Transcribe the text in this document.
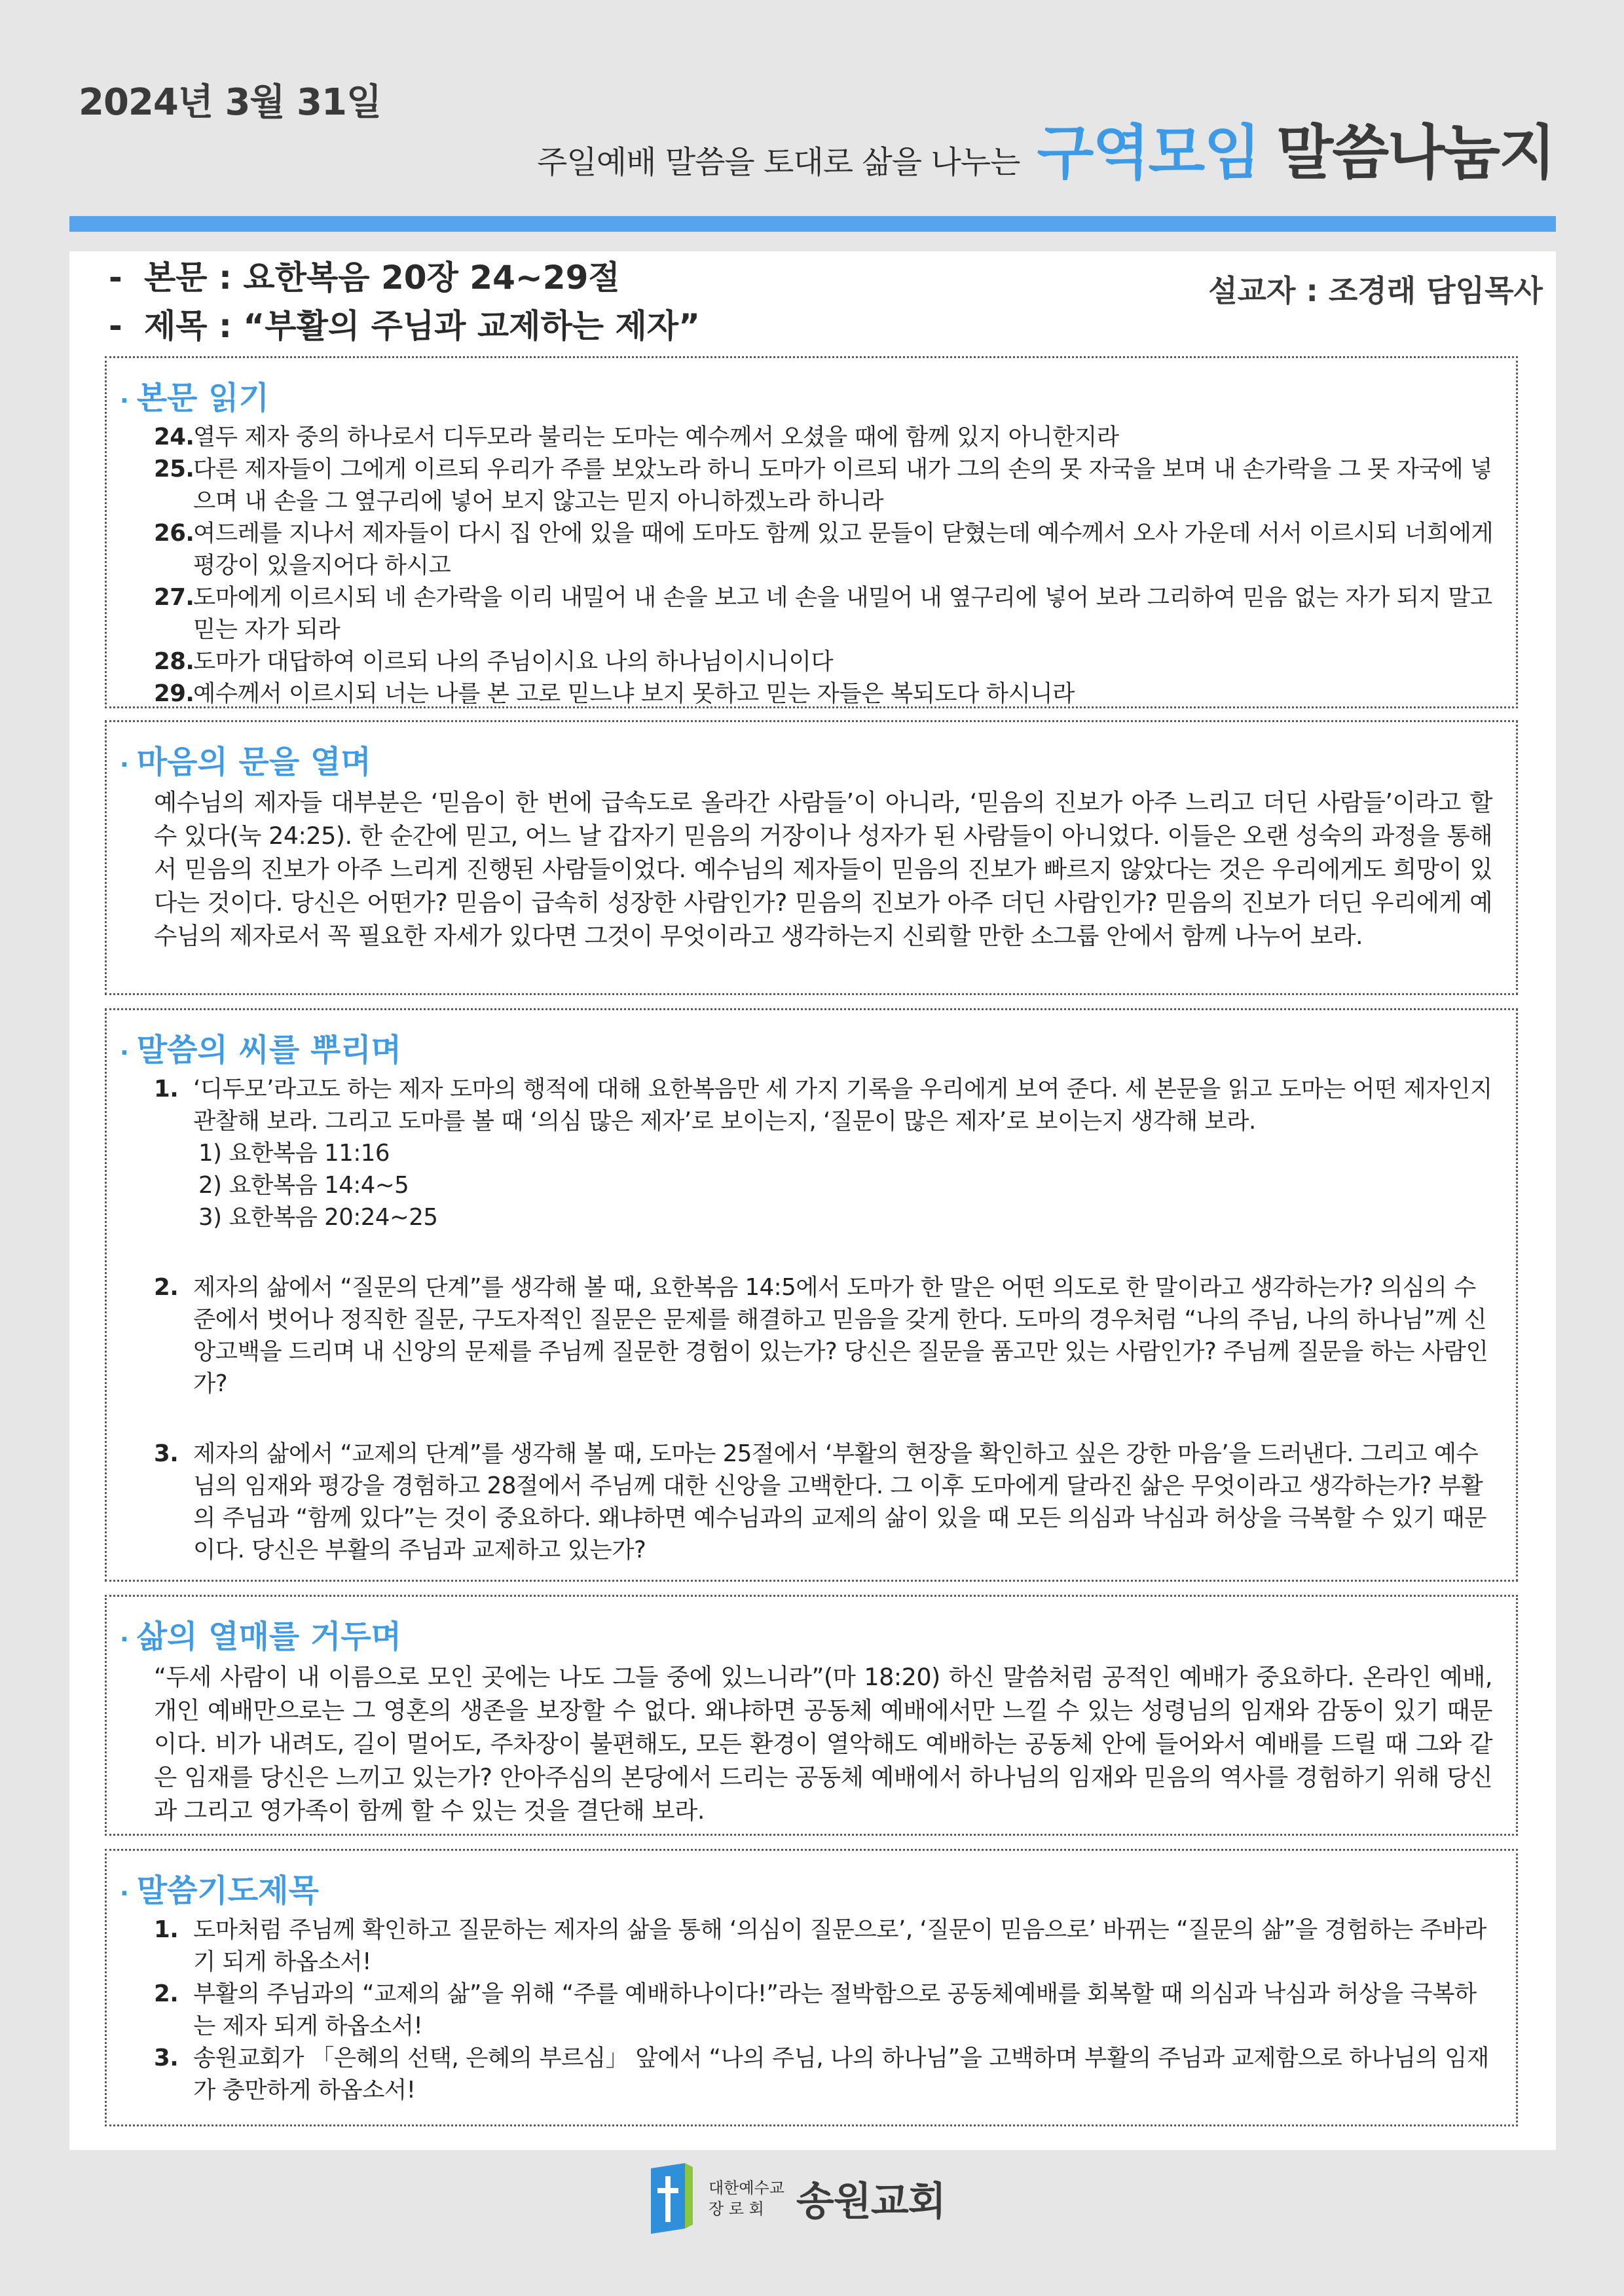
2024년 3월 31일
주일예배 말씀을 토대로 삶을 나누는 구역모임 말씀나눔지
- 본문 : 요한복음 20장 24~29절
- 제목 : “부활의 주님과 교제하는 제자”
설교자 : 조경래 담임목사
· 본문 읽기
24.열두 제자 중의 하나로서 디두모라 불리는 도마는 예수께서 오셨을 때에 함께 있지 아니한지라
25.다른 제자들이 그에게 이르되 우리가 주를 보았노라 하니 도마가 이르되 내가 그의 손의 못 자국을 보며 내 손가락을 그 못 자국에 넣으며 내 손을 그 옆구리에 넣어 보지 않고는 믿지 아니하겠노라 하니라
26.여드레를 지나서 제자들이 다시 집 안에 있을 때에 도마도 함께 있고 문들이 닫혔는데 예수께서 오사 가운데 서서 이르시되 너희에게 평강이 있을지어다 하시고
27.도마에게 이르시되 네 손가락을 이리 내밀어 내 손을 보고 네 손을 내밀어 내 옆구리에 넣어 보라 그리하여 믿음 없는 자가 되지 말고 믿는 자가 되라
28.도마가 대답하여 이르되 나의 주님이시요 나의 하나님이시니이다
29.예수께서 이르시되 너는 나를 본 고로 믿느냐 보지 못하고 믿는 자들은 복되도다 하시니라
· 마음의 문을 열며
예수님의 제자들 대부분은 ‘믿음이 한 번에 급속도로 올라간 사람들’이 아니라, ‘믿음의 진보가 아주 느리고 더딘 사람들’이라고 할 수 있다(눅 24:25). 한 순간에 믿고, 어느 날 갑자기 믿음의 거장이나 성자가 된 사람들이 아니었다. 이들은 오랜 성숙의 과정을 통해서 믿음의 진보가 아주 느리게 진행된 사람들이었다. 예수님의 제자들이 믿음의 진보가 빠르지 않았다는 것은 우리에게도 희망이 있다는 것이다. 당신은 어떤가? 믿음이 급속히 성장한 사람인가? 믿음의 진보가 아주 더딘 사람인가? 믿음의 진보가 더딘 우리에게 예수님의 제자로서 꼭 필요한 자세가 있다면 그것이 무엇이라고 생각하는지 신뢰할 만한 소그룹 안에서 함께 나누어 보라.
· 말씀의 씨를 뿌리며
1. ‘디두모’라고도 하는 제자 도마의 행적에 대해 요한복음만 세 가지 기록을 우리에게 보여 준다. 세 본문을 읽고 도마는 어떤 제자인지 관찰해 보라. 그리고 도마를 볼 때 ‘의심 많은 제자’로 보이는지, ‘질문이 많은 제자’로 보이는지 생각해 보라.
1) 요한복음 11:16
2) 요한복음 14:4~5
3) 요한복음 20:24~25
2. 제자의 삶에서 “질문의 단계”를 생각해 볼 때, 요한복음 14:5에서 도마가 한 말은 어떤 의도로 한 말이라고 생각하는가? 의심의 수준에서 벗어나 정직한 질문, 구도자적인 질문은 문제를 해결하고 믿음을 갖게 한다. 도마의 경우처럼 “나의 주님, 나의 하나님”께 신앙고백을 드리며 내 신앙의 문제를 주님께 질문한 경험이 있는가? 당신은 질문을 품고만 있는 사람인가? 주님께 질문을 하는 사람인가?
3. 제자의 삶에서 “교제의 단계”를 생각해 볼 때, 도마는 25절에서 ‘부활의 현장을 확인하고 싶은 강한 마음’을 드러낸다. 그리고 예수님의 임재와 평강을 경험하고 28절에서 주님께 대한 신앙을 고백한다. 그 이후 도마에게 달라진 삶은 무엇이라고 생각하는가? 부활의 주님과 “함께 있다”는 것이 중요하다. 왜냐하면 예수님과의 교제의 삶이 있을 때 모든 의심과 낙심과 허상을 극복할 수 있기 때문이다. 당신은 부활의 주님과 교제하고 있는가?
· 삶의 열매를 거두며
“두세 사람이 내 이름으로 모인 곳에는 나도 그들 중에 있느니라”(마 18:20) 하신 말씀처럼 공적인 예배가 중요하다. 온라인 예배, 개인 예배만으로는 그 영혼의 생존을 보장할 수 없다. 왜냐하면 공동체 예배에서만 느낄 수 있는 성령님의 임재와 감동이 있기 때문이다. 비가 내려도, 길이 멀어도, 주차장이 불편해도, 모든 환경이 열악해도 예배하는 공동체 안에 들어와서 예배를 드릴 때 그와 같은 임재를 당신은 느끼고 있는가? 안아주심의 본당에서 드리는 공동체 예배에서 하나님의 임재와 믿음의 역사를 경험하기 위해 당신과 그리고 영가족이 함께 할 수 있는 것을 결단해 보라.
· 말씀기도제목
1. 도마처럼 주님께 확인하고 질문하는 제자의 삶을 통해 ‘의심이 질문으로’, ‘질문이 믿음으로’ 바뀌는 “질문의 삶”을 경험하는 주바라기 되게 하옵소서!
2. 부활의 주님과의 “교제의 삶”을 위해 “주를 예배하나이다!”라는 절박함으로 공동체예배를 회복할 때 의심과 낙심과 허상을 극복하는 제자 되게 하옵소서!
3. 송원교회가 「은혜의 선택, 은혜의 부르심」 앞에서 “나의 주님, 나의 하나님”을 고백하며 부활의 주님과 교제함으로 하나님의 임재가 충만하게 하옵소서!
대한예수교
장 로 회 송원교회
